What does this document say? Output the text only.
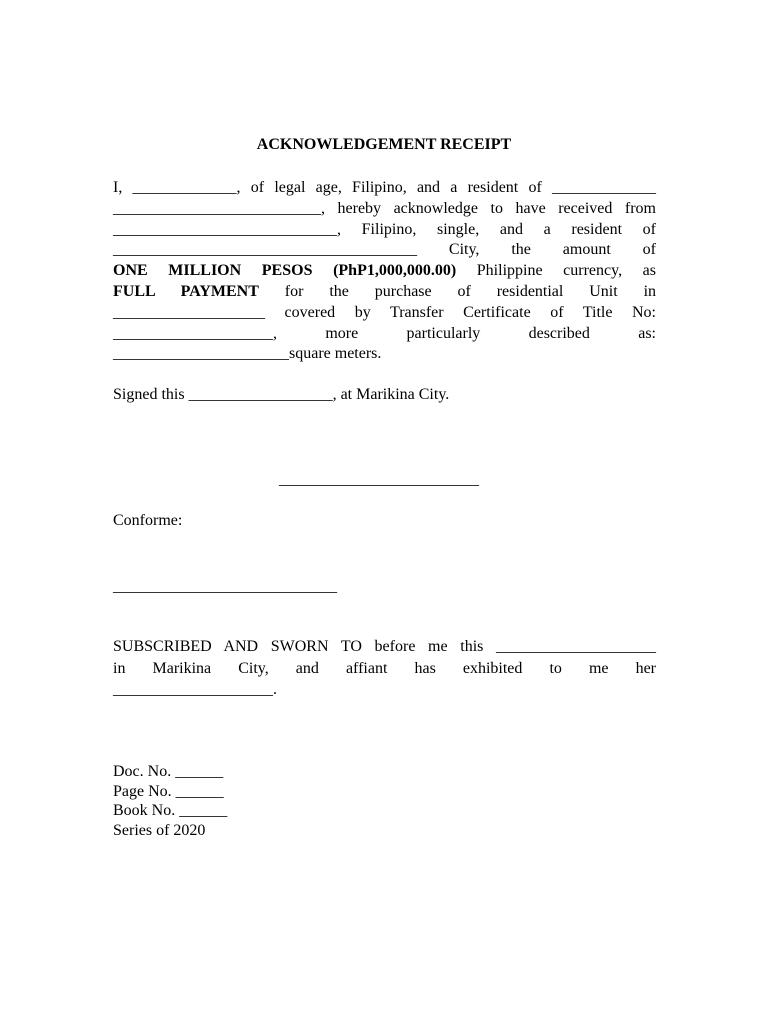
ACKNOWLEDGEMENT RECEIPT
I, _____________, of legal age, Filipino, and a resident of _____________
__________________________, hereby acknowledge to have received from
____________________________, Filipino, single, and a resident of
______________________________________ City, the amount of
ONE MILLION PESOS (PhP1,000,000.00) Philippine currency, as
FULL PAYMENT for the purchase of residential Unit in
___________________ covered by Transfer Certificate of Title No:
____________________, more particularly described as:
______________________square meters.
Signed this __________________, at Marikina City.
_________________________
Conforme:
____________________________
SUBSCRIBED AND SWORN TO before me this ____________________
in Marikina City, and affiant has exhibited to me her
____________________.
Doc. No. ______
Page No. ______
Book No. ______
Series of 2020
